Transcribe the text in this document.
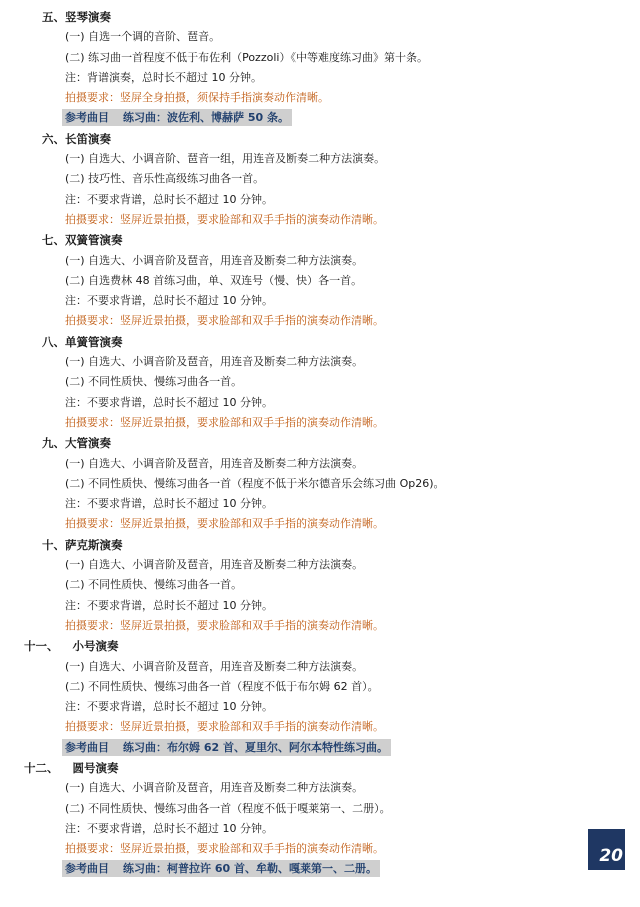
五、竖琴演奏
(一) 自选一个调的音阶、琶音。
(二) 练习曲一首程度不低于布佐利（Pozzoli）《中等难度练习曲》第十条。
注：背谱演奏，总时长不超过 10 分钟。
拍摄要求：竖屏全身拍摄，须保持手指演奏动作清晰。
参考曲目 练习曲：波佐利、博赫萨 50 条。
六、长笛演奏
(一) 自选大、小调音阶、琶音一组，用连音及断奏二种方法演奏。
(二) 技巧性、音乐性高级练习曲各一首。
注：不要求背谱，总时长不超过 10 分钟。
拍摄要求：竖屏近景拍摄，要求脸部和双手手指的演奏动作清晰。
七、双簧管演奏
(一) 自选大、小调音阶及琶音，用连音及断奏二种方法演奏。
(二) 自选费林 48 首练习曲，单、双连号（慢、快）各一首。
注：不要求背谱，总时长不超过 10 分钟。
拍摄要求：竖屏近景拍摄，要求脸部和双手手指的演奏动作清晰。
八、单簧管演奏
(一) 自选大、小调音阶及琶音，用连音及断奏二种方法演奏。
(二) 不同性质快、慢练习曲各一首。
注：不要求背谱，总时长不超过 10 分钟。
拍摄要求：竖屏近景拍摄，要求脸部和双手手指的演奏动作清晰。
九、大管演奏
(一) 自选大、小调音阶及琶音，用连音及断奏二种方法演奏。
(二) 不同性质快、慢练习曲各一首（程度不低于米尔德音乐会练习曲 Op26)。
注：不要求背谱，总时长不超过 10 分钟。
拍摄要求：竖屏近景拍摄，要求脸部和双手手指的演奏动作清晰。
十、萨克斯演奏
(一) 自选大、小调音阶及琶音，用连音及断奏二种方法演奏。
(二) 不同性质快、慢练习曲各一首。
注：不要求背谱，总时长不超过 10 分钟。
拍摄要求：竖屏近景拍摄，要求脸部和双手手指的演奏动作清晰。
十一、 小号演奏
(一) 自选大、小调音阶及琶音，用连音及断奏二种方法演奏。
(二) 不同性质快、慢练习曲各一首（程度不低于布尔姆 62 首）。
注：不要求背谱，总时长不超过 10 分钟。
拍摄要求：竖屏近景拍摄，要求脸部和双手手指的演奏动作清晰。
参考曲目 练习曲：布尔姆 62 首、夏里尔、阿尔本特性练习曲。
十二、 圆号演奏
(一) 自选大、小调音阶及琶音，用连音及断奏二种方法演奏。
(二) 不同性质快、慢练习曲各一首（程度不低于嘎莱第一、二册）。
注：不要求背谱，总时长不超过 10 分钟。
拍摄要求：竖屏近景拍摄，要求脸部和双手手指的演奏动作清晰。
参考曲目 练习曲：柯普拉许 60 首、牟勒、嘎莱第一、二册。
20
